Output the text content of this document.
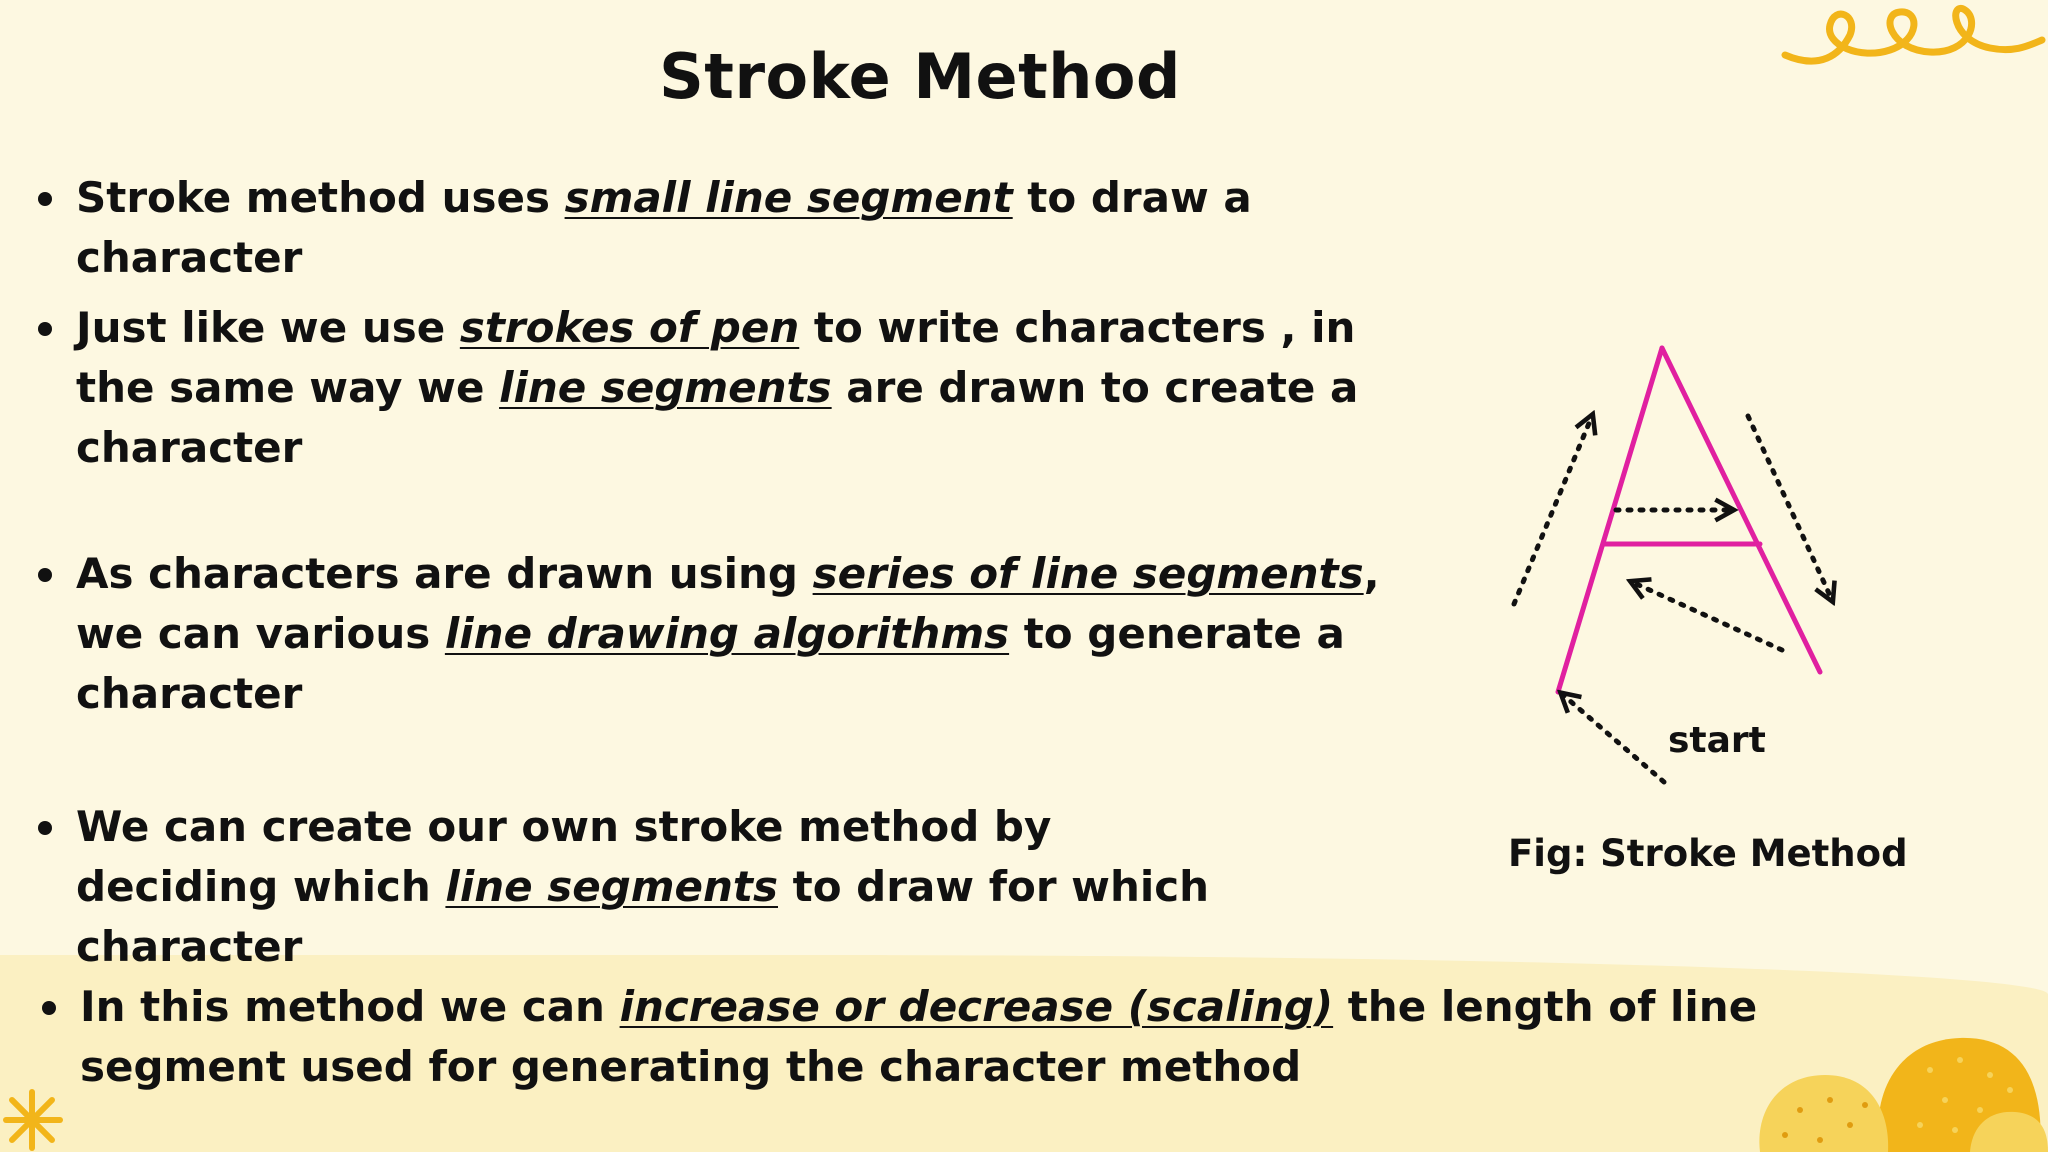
Stroke Method
Stroke method uses small line segment to draw a character
Just like we use strokes of pen to write characters , in the same way we line segments are drawn to create a character
As characters are drawn using series of line segments, we can various line drawing algorithms to generate a character
We can create our own stroke method by deciding which line segments to draw for which character
In this method we can increase or decrease (scaling) the length of line segment used for generating the character method
start
Fig: Stroke Method
